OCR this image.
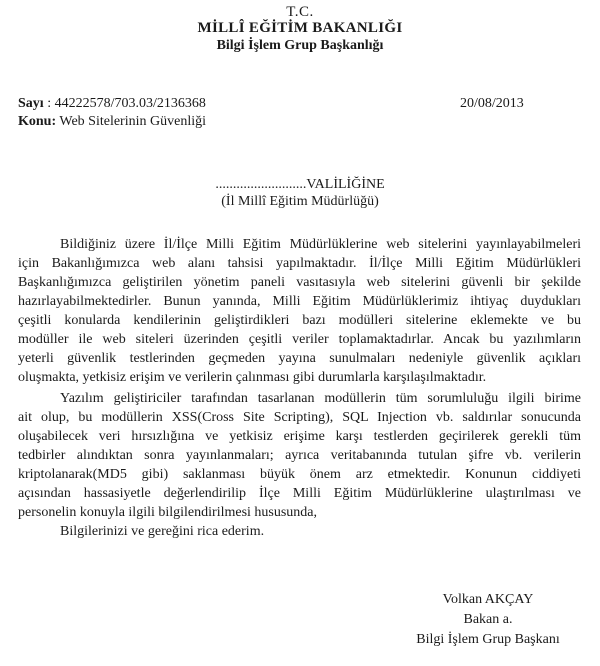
T.C.
MİLLÎ EĞİTİM BAKANLIĞI
Bilgi İşlem Grup Başkanlığı
Sayı : 44222578/703.03/2136368	20/08/2013
Konu: Web Sitelerinin Güvenliği
..........................VALİLİĞİNE
(İl Millî Eğitim Müdürlüğü)
Bildiğiniz üzere İl/İlçe Milli Eğitim Müdürlüklerine web sitelerini yayınlayabilmeleri
için Bakanlığımızca web alanı tahsisi yapılmaktadır. İl/İlçe Milli Eğitim Müdürlükleri
Başkanlığımızca geliştirilen yönetim paneli vasıtasıyla web sitelerini güvenli bir şekilde
hazırlayabilmektedirler. Bunun yanında, Milli Eğitim Müdürlüklerimiz ihtiyaç duydukları
çeşitli konularda kendilerinin geliştirdikleri bazı modülleri sitelerine eklemekte ve bu
modüller ile web siteleri üzerinden çeşitli veriler toplamaktadırlar. Ancak bu yazılımların
yeterli güvenlik testlerinden geçmeden yayına sunulmaları nedeniyle güvenlik açıkları
oluşmakta, yetkisiz erişim ve verilerin çalınması gibi durumlarla karşılaşılmaktadır.
Yazılım geliştiriciler tarafından tasarlanan modüllerin tüm sorumluluğu ilgili birime
ait olup, bu modüllerin XSS(Cross Site Scripting), SQL Injection vb. saldırılar sonucunda
oluşabilecek veri hırsızlığına ve yetkisiz erişime karşı testlerden geçirilerek gerekli tüm
tedbirler alındıktan sonra yayınlanmaları; ayrıca veritabanında tutulan şifre vb. verilerin
kriptolanarak(MD5 gibi) saklanması büyük önem arz etmektedir. Konunun ciddiyeti
açısından hassasiyetle değerlendirilip İlçe Milli Eğitim Müdürlüklerine ulaştırılması ve
personelin konuyla ilgili bilgilendirilmesi hususunda,
Bilgilerinizi ve gereğini rica ederim.
Volkan AKÇAY
Bakan a.
Bilgi İşlem Grup Başkanı
